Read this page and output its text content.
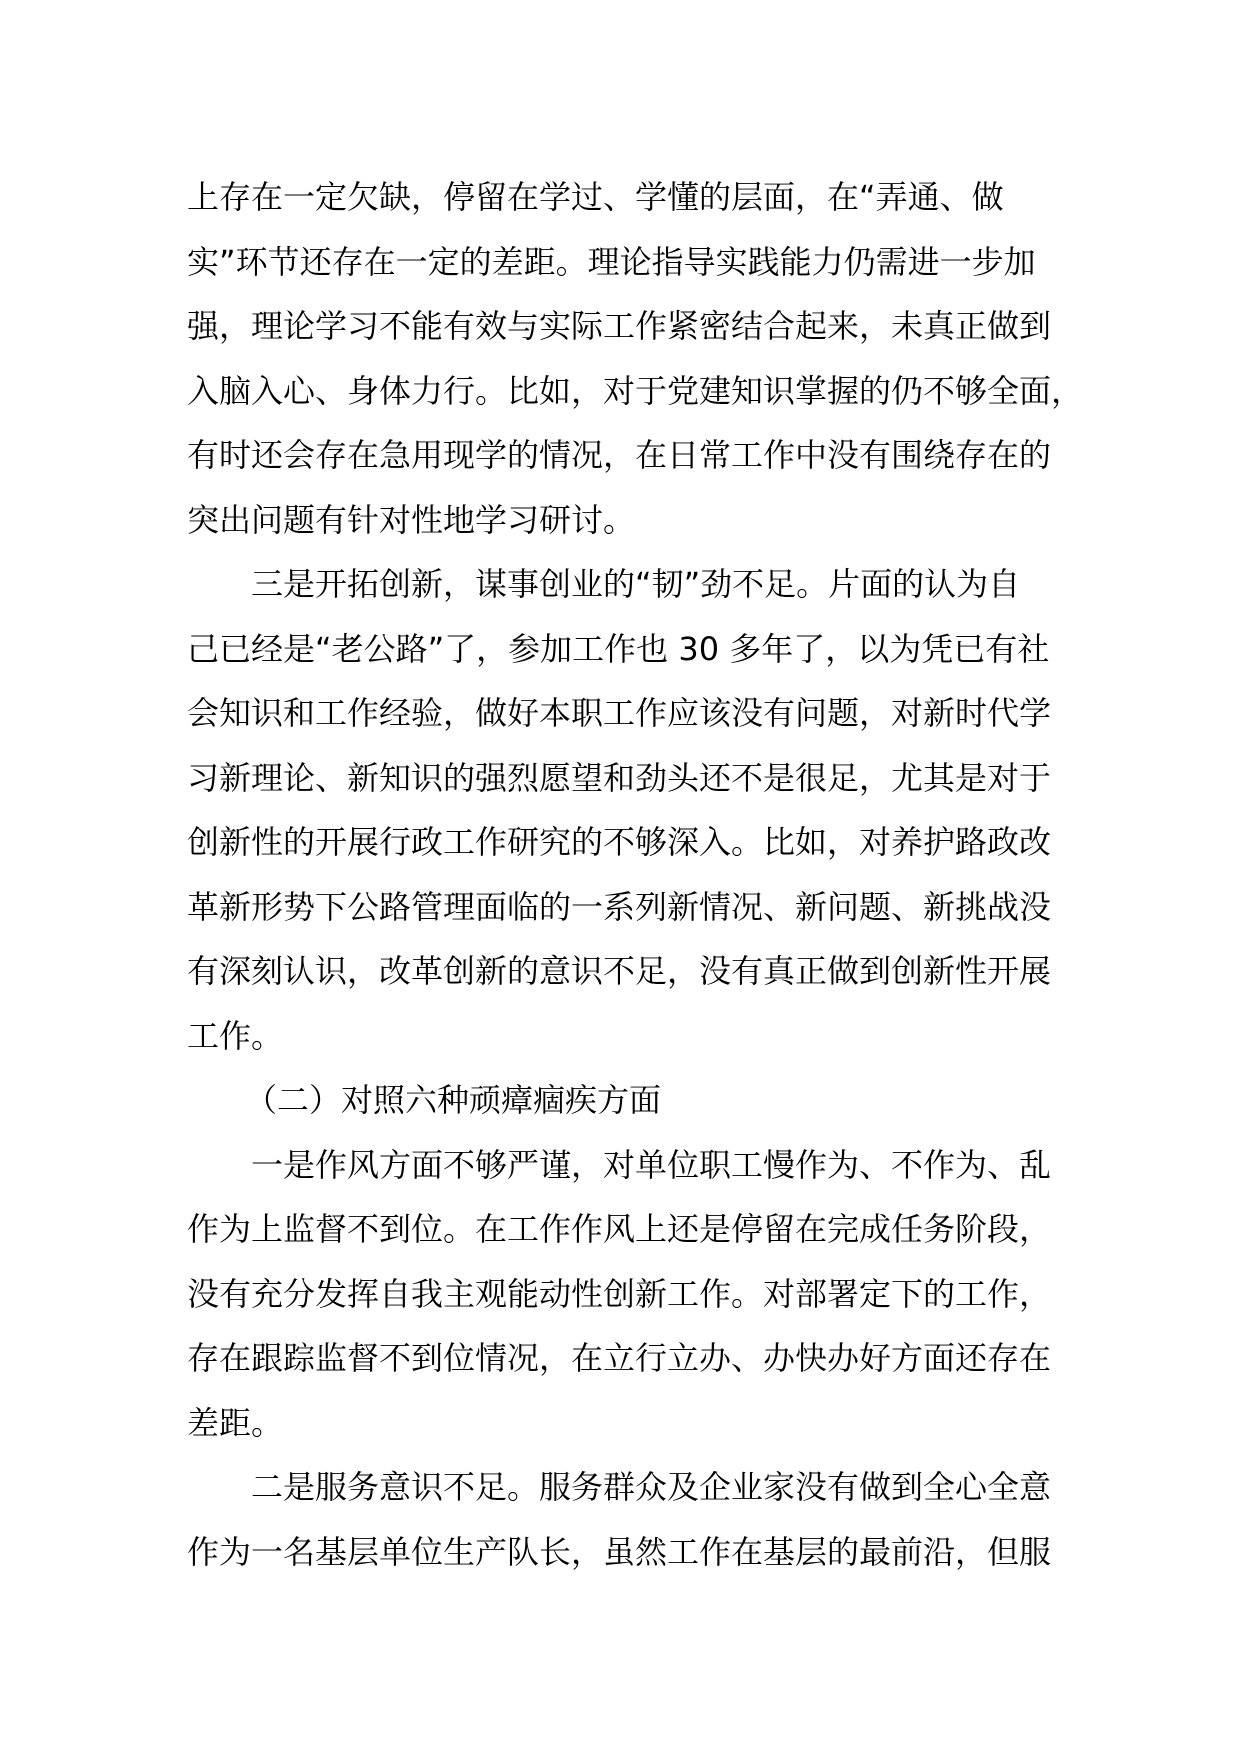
上存在一定欠缺，停留在学过、学懂的层面，在“弄通、做
实”环节还存在一定的差距。理论指导实践能力仍需进一步加
强，理论学习不能有效与实际工作紧密结合起来，未真正做到
入脑入心、身体力行。比如，对于党建知识掌握的仍不够全面，
有时还会存在急用现学的情况，在日常工作中没有围绕存在的
突出问题有针对性地学习研讨。
三是开拓创新，谋事创业的“韧”劲不足。片面的认为自
己已经是“老公路”了，参加工作也 30 多年了，以为凭已有社
会知识和工作经验，做好本职工作应该没有问题，对新时代学
习新理论、新知识的强烈愿望和劲头还不是很足，尤其是对于
创新性的开展行政工作研究的不够深入。比如，对养护路政改
革新形势下公路管理面临的一系列新情况、新问题、新挑战没
有深刻认识，改革创新的意识不足，没有真正做到创新性开展
工作。
（二）对照六种顽瘴痼疾方面
一是作风方面不够严谨，对单位职工慢作为、不作为、乱
作为上监督不到位。在工作作风上还是停留在完成任务阶段，
没有充分发挥自我主观能动性创新工作。对部署定下的工作，
存在跟踪监督不到位情况，在立行立办、办快办好方面还存在
差距。
二是服务意识不足。服务群众及企业家没有做到全心全意
作为一名基层单位生产队长，虽然工作在基层的最前沿，但服
